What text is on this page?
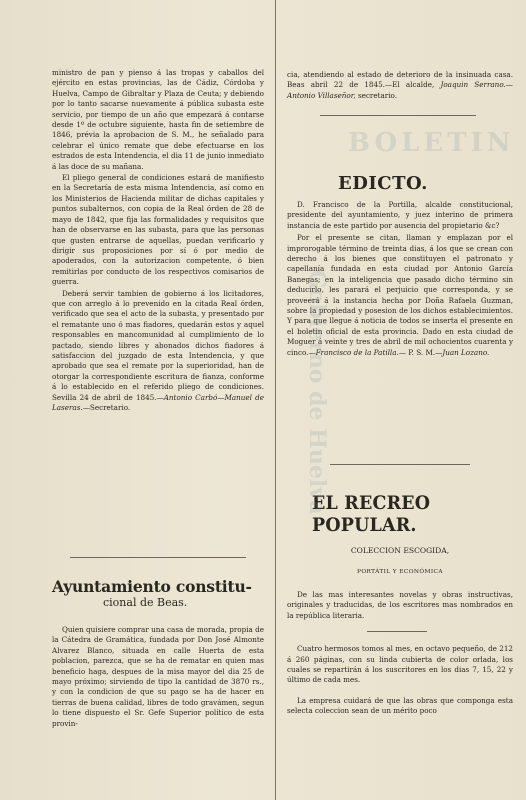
ministro de pan y pienso á las tropas y caballos del ejército en estas provincias, las de Cádiz, Córdoba y Huelva, Campo de Gibraltar y Plaza de Ceuta; y debiendo por lo tanto sacarse nuevamente á pública subasta este servicio, por tiempo de un año que empezará á contarse desde 1º de octubre siguiente, hasta fin de setiembre de 1846, prévia la aprobacion de S. M., he señalado para celebrar el único remate que debe efectuarse en los estrados de esta Intendencia, el dia 11 de junio inmediato á las doce de su mañana.

El pliego general de condiciones estará de manifiesto en la Secretaría de esta misma Intendencia, así como en los Ministerios de Hacienda militar de dichas capitales y puntos subalternos, con copia de la Real órden de 28 de mayo de 1842, que fija las formalidades y requisitos que han de observarse en las subasta, para que las personas que gusten entrarse de aquellas, puedan verificarlo y dirigir sus proposiciones por sí ó por medio de apoderados, con la autorizacion competente, ó bien remitirlas por conducto de los respectivos comisarios de guerra.

Deberá servir tambien de gobierno á los licitadores, que con arreglo á lo prevenido en la citada Real órden, verificado que sea el acto de la subasta, y presentado por el rematante uno ó mas fiadores, quedarán estos y aquel responsables en mancomunidad al cumplimiento de lo pactado, siendo libres y abonados dichos fiadores á satisfaccion del juzgado de esta Intendencia, y que aprobado que sea el remate por la superioridad, han de otorgar la correspondiente escritura de fianza, conforme á lo establecido en el referido pliego de condiciones. Sevilla 24 de abril de 1845.—Antonio Carbó—Manuel de Laseras.—Secretario.

Ayuntamiento constitu-
cional de Beas.

Quien quisiere comprar una casa de morada, propia de la Cátedra de Gramática, fundada por Don José Almonte Alvarez Blanco, situada en calle Huerta de esta poblacion, parezca, que se ha de rematar en quien mas beneficio haga, despues de la misa mayor del dia 25 de mayo próximo; sirviendo de tipo la cantidad de 3870 rs., y con la condicion de que su pago se ha de hacer en tierras de buena calidad, libres de todo gravámen, segun lo tiene dispuesto el Sr. Gefe Superior político de esta provin-

cia, atendiendo al estado de deterioro de la insinuada casa. Beas abril 22 de 1845.—El alcalde, Joaquin Serrano.—Antonio Villaseñor, secretario.

EDICTO.

D. Francisco de la Portilla, alcalde constitucional, presidente del ayuntamiento, y juez interino de primera instancia de este partido por ausencia del propietario &c?

Por el presente se citan, llaman y emplazan por el improrogable término de treinta dias, á los que se crean con derecho á los bienes que constituyen el patronato y capellanía fundada en esta ciudad por Antonio García Banegas; en la inteligencia que pasado dicho término sin deducirlo, les parará el perjuicio que corresponda, y se proveerá á la instancia hecha por Doña Rafaela Guzman, sobre la propiedad y posesion de los dichos establecimientos. Y para que llegue á noticia de todos se inserta el presente en el boletin oficial de esta provincia. Dado en esta ciudad de Moguer á veinte y tres de abril de mil ochocientos cuarenta y cinco.—Francisco de la Patilla.— P. S. M.—Juan Lozano.

EL RECREO POPULAR.
COLECCION ESCOGIDA,
PORTÁTIL Y ECONÓMICA

De las mas interesantes novelas y obras instructivas, originales y traducidas, de los escritores mas nombrados en la república literaria.

Cuatro hermosos tomos al mes, en octavo pequeño, de 212 á 260 páginas, con su linda cubierta de color orlada, los cuales se repartirán á los suscritores en los dias 7, 15, 22 y último de cada mes.

La empresa cuidará de que las obras que componga esta selecta coleccion sean de un mérito poco

BOLETIN
Gobierno de Huelva
